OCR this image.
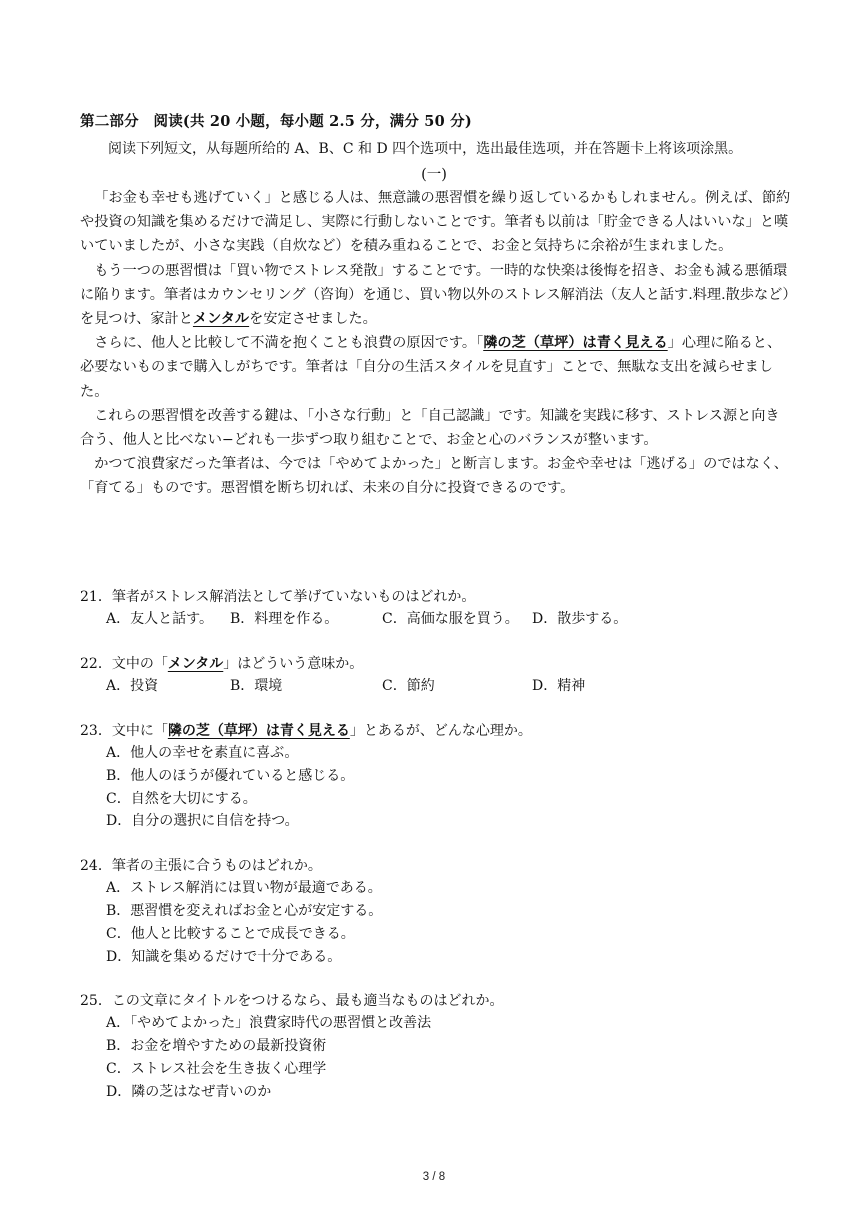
第二部分　阅读(共 20 小题，每小题 2.5 分，满分 50 分)
阅读下列短文，从每题所给的 A、B、C 和 D 四个选项中，选出最佳选项，并在答题卡上将该项涂黑。
(一)

「お金も幸せも逃げていく」と感じる人は、無意識の悪習慣を繰り返しているかもしれません。例えば、節約や投資の知識を集めるだけで満足し、実際に行動しないことです。筆者も以前は「貯金できる人はいいな」と嘆いていましたが、小さな実践（自炊など）を積み重ねることで、お金と気持ちに余裕が生まれました。

もう一つの悪習慣は「買い物でストレス発散」することです。一時的な快楽は後悔を招き、お金も減る悪循環に陥ります。筆者はカウンセリング（咨询）を通じ、買い物以外のストレス解消法（友人と話す.料理.散歩など）を見つけ、家計とメンタルを安定させました。

さらに、他人と比較して不満を抱くことも浪費の原因です。「隣の芝（草坪）は青く見える」心理に陥ると、必要ないものまで購入しがちです。筆者は「自分の生活スタイルを見直す」ことで、無駄な支出を減らせました。

これらの悪習慣を改善する鍵は、「小さな行動」と「自己認識」です。知識を実践に移す、ストレス源と向き合う、他人と比べない−どれも一歩ずつ取り組むことで、お金と心のバランスが整います。

かつて浪費家だった筆者は、今では「やめてよかった」と断言します。お金や幸せは「逃げる」のではなく、「育てる」ものです。悪習慣を断ち切れば、未来の自分に投資できるのです。

21．筆者がストレス解消法として挙げていないものはどれか。
A．友人と話す。	B．料理を作る。	C．高価な服を買う。 D．散歩する。
22．文中の「メンタル」はどういう意味か。
A．投資	B．環境	C．節約	D．精神
23．文中に「隣の芝（草坪）は青く見える」とあるが、どんな心理か。
A．他人の幸せを素直に喜ぶ。
B．他人のほうが優れていると感じる。
C．自然を大切にする。
D．自分の選択に自信を持つ。
24．筆者の主張に合うものはどれか。
A．ストレス解消には買い物が最適である。
B．悪習慣を変えればお金と心が安定する。
C．他人と比較することで成長できる。
D．知識を集めるだけで十分である。
25．この文章にタイトルをつけるなら、最も適当なものはどれか。
A．「やめてよかった」浪費家時代の悪習慣と改善法
B．お金を増やすための最新投資術
C．ストレス社会を生き抜く心理学
D．隣の芝はなぜ青いのか
3 / 8
